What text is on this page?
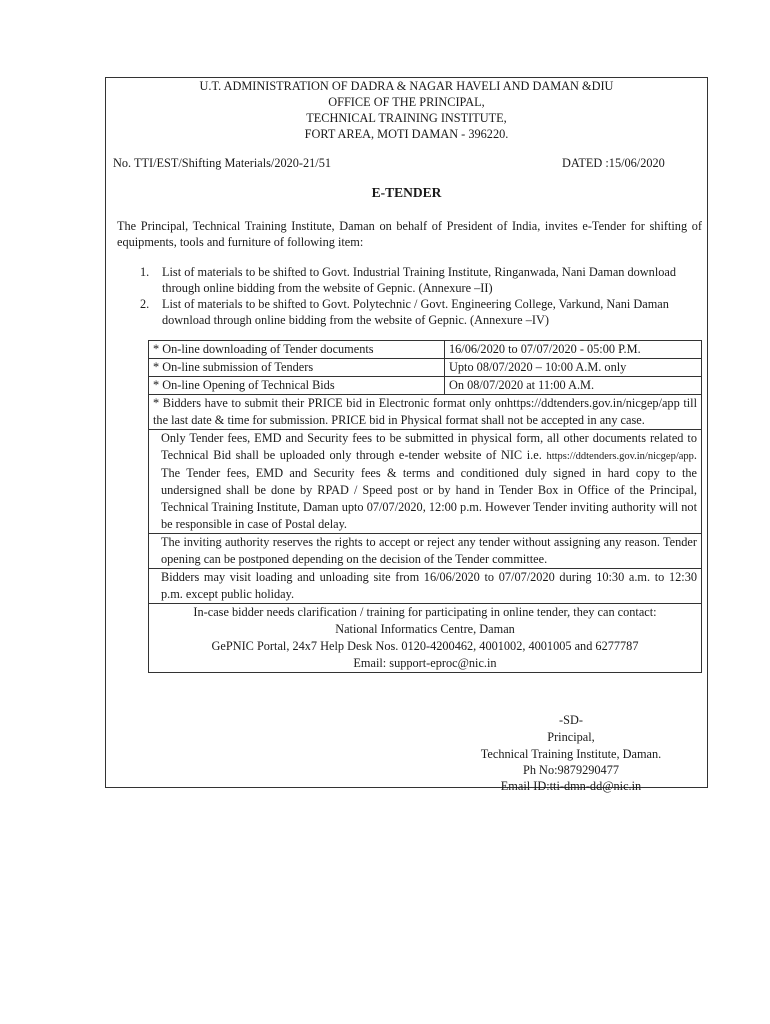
U.T. ADMINISTRATION OF DADRA & NAGAR HAVELI AND DAMAN &DIU
OFFICE OF THE PRINCIPAL,
TECHNICAL TRAINING INSTITUTE,
FORT AREA, MOTI DAMAN - 396220.
No. TTI/EST/Shifting Materials/2020-21/51	DATED :15/06/2020
E-TENDER
The Principal, Technical Training Institute, Daman on behalf of President of India, invites e-Tender for shifting of equipments, tools and furniture of following item:
1. List of materials to be shifted to Govt. Industrial Training Institute, Ringanwada, Nani Daman download through online bidding from the website of Gepnic. (Annexure –II)
2. List of materials to be shifted to Govt. Polytechnic / Govt. Engineering College, Varkund, Nani Daman download through online bidding from the website of Gepnic. (Annexure –IV)
* On-line downloading of Tender documents	16/06/2020 to 07/07/2020 - 05:00 P.M.
* On-line submission of Tenders	Upto 08/07/2020 – 10:00 A.M. only
* On-line Opening of Technical Bids	On 08/07/2020 at 11:00 A.M.
* Bidders have to submit their PRICE bid in Electronic format only onhttps://ddtenders.gov.in/nicgep/app till the last date & time for submission. PRICE bid in Physical format shall not be accepted in any case.	
Only Tender fees, EMD and Security fees to be submitted in physical form, all other documents related to Technical Bid shall be uploaded only through e-tender website of NIC i.e. https://ddtenders.gov.in/nicgep/app. The Tender fees, EMD and Security fees & terms and conditioned duly signed in hard copy to the undersigned shall be done by RPAD / Speed post or by hand in Tender Box in Office of the Principal, Technical Training Institute, Daman upto 07/07/2020, 12:00 p.m. However Tender inviting authority will not be responsible in case of Postal delay.	
The inviting authority reserves the rights to accept or reject any tender without assigning any reason. Tender opening can be postponed depending on the decision of the Tender committee.	
Bidders may visit loading and unloading site from 16/06/2020 to 07/07/2020 during 10:30 a.m. to 12:30 p.m. except public holiday.	

In-case bidder needs clarification / training for participating in online tender, they can contact:
National Informatics Centre, Daman
GePNIC Portal, 24x7 Help Desk Nos. 0120-4200462, 4001002, 4001005 and 6277787
Email: support-eproc@nic.in	
-SD-
Principal,
Technical Training Institute, Daman.
Ph No:9879290477
Email ID:tti-dmn-dd@nic.in
